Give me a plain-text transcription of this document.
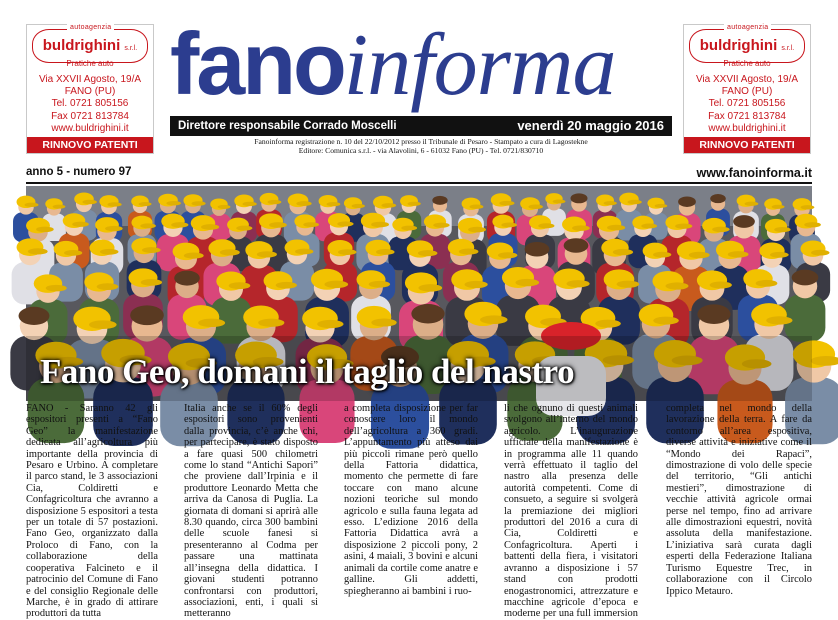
autoagenzia
buldrighini s.r.l.
Pratiche auto
Via XXVII Agosto, 19/A
FANO (PU)
Tel. 0721 805156
Fax 0721 813784
www.buldrighini.it
RINNOVO PATENTI
autoagenzia
buldrighini s.r.l.
Pratiche auto
Via XXVII Agosto, 19/A
FANO (PU)
Tel. 0721 805156
Fax 0721 813784
www.buldrighini.it
RINNOVO PATENTI
fanoinforma
Direttore responsabile Corrado Moscelli	venerdì 20 maggio 2016
Fanoinforma registrazione n. 10 del 22/10/2012 presso il Tribunale di Pesaro - Stampato a cura di Lagostekne
Editore: Comunica s.r.l. - via Alavolini, 6 - 61032 Fano (PU) - Tel. 0721/830710
anno 5 - numero 97	www.fanoinforma.it
Fano Geo, domani il taglio del nastro
FANO - Saranno 42 gli espositori presenti a “Fano Geo” la manifestazione dedicata all’agricoltura più importante della provincia di Pesaro e Urbino. A completare il parco stand, le 3 associazioni Cia, Coldiretti e Confagricoltura che avranno a disposizione 5 espositori a testa per un totale di 57 postazioni. Fano Geo, organizzato dalla Proloco di Fano, con la collaborazione della cooperativa Falcineto e il patrocinio del Comune di Fano e del consiglio Regionale delle Marche, è in grado di attirare produttori da tutta
Italia anche se il 60% degli espositori sono provenienti dalla provincia, c’è anche chi, per partecipare, è stato disposto a fare quasi 500 chilometri come lo stand “Antichi Sapori” che proviene dall’Irpinia e il produttore Leonardo Metta che arriva da Canosa di Puglia. La giornata di domani si aprirà alle 8.30 quando, circa 300 bambini delle scuole fanesi si presenteranno al Codma per passare una mattinata all’insegna della didattica. I giovani studenti potranno confrontarsi con produttori, associazioni, enti, i quali si metteranno
a completa disposizione per far conoscere loro il mondo dell’agricoltura a 360 gradi. L’appuntamento più atteso dai più piccoli rimane però quello della Fattoria didattica, momento che permette di fare toccare con mano alcune nozioni teoriche sul mondo agricolo e sulla fauna legata ad esso. L’edizione 2016 della Fattoria Didattica avrà a disposizione 2 piccoli pony, 2 asini, 4 maiali, 3 bovini e alcuni animali da cortile come anatre e galline. Gli addetti, spiegheranno ai bambini i ruo-
li che ognuno di questi animali svolgono all’interno del mondo agricolo. L’inaugurazione ufficiale della manifestazione è in programma alle 11 quando verrà effettuato il taglio del nastro alla presenza delle autorità competenti. Come di consueto, a seguire si svolgerà la premiazione dei migliori produttori del 2016 a cura di Cia, Coldiretti e Confagricoltura. Aperti i battenti della fiera, i visitatori avranno a disposizione i 57 stand con prodotti enogastronomici, attrezzature e macchine agricole d’epoca e moderne per una full immersion
completa nel mondo della lavorazione della terra. A fare da contorno all’area espositiva, diverse attività e iniziative come il “Mondo dei Rapaci”, dimostrazione di volo delle specie del territorio, “Gli antichi mestieri”, dimostrazione di vecchie attività agricole ormai perse nel tempo, fino ad arrivare alle dimostrazioni equestri, novità assoluta della manifestazione. L’iniziativa sarà curata dagli esperti della Federazione Italiana Turismo Equestre Trec, in collaborazione con il Circolo Ippico Metauro.
